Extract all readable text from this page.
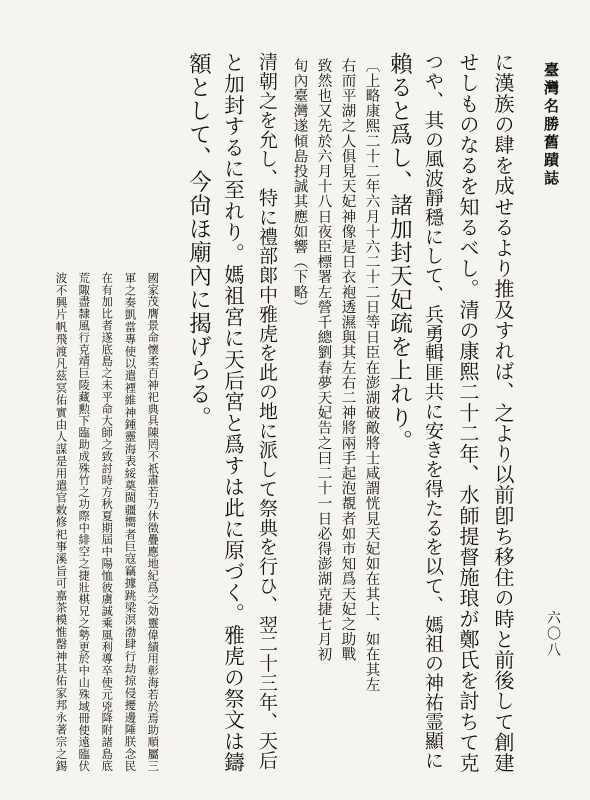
臺灣名勝舊蹟誌
六〇八
に漢族の肆を成せるより推及すれば、之より以前卽ち移住の時と前後して創建
せしものなるを知るべし。清の康熙二十二年、水師提督施琅が鄭氏を討ちて克
つや、其の風波靜穩にして、兵勇輯匪共に安きを得たるを以て、媽祖の神祐霊顯に
賴ると爲し、諸加封天妃疏を上れり。
〔上略康熙二十二年六月十六二十二日等日臣在澎湖破敵將士咸謂恍見天妃如在其上、如在其左
右而平湖之人俱見天妃神像是日衣袍透濕與其左右二神將兩手起泡覩者如市知爲天妃之助戰
致然也又先於六月十八日夜臣標署左營千總劉春夢天妃告之曰二十一日必得澎湖克捷七月初
旬內臺灣遂傾島投誠其應如響（下略）
清朝之を允し、特に禮部郞中雅虎を此の地に派して祭典を行ひ、翌二十三年、天后
と加封するに至れり。媽祖宮に天后宮と爲すは此に原づく。雅虎の祭文は鑄
額として、今尙ほ廟內に揭げらる。
國家茂膺景命懷柔百神祀典具陳罔不祇肅若乃休徵疊應地紀爲之効靈偉績用彰海若於焉助順屬三
軍之奏凱當專使以遣禋維神鍾靈海表綏奠閩疆嚮者巨寇竊據跳梁溟渤肆行劫掠侵擾邊陲朕念民
在有加比者遂底島之未平命大師之致討時方秋夏期屆中陽恤彼虜誠乘風利導卒使元兇降附諸島底
荒陬盡隸風行克靖巨陵藏勲下臨助成殊竹之功際中緋空之捷壯棋兄之勢更於中山殊域冊使遠臨伏
波不興片帆飛渡凡茲冥佑實由人謀是用遣官敕修祀事溪旨可嘉茶模惟罄神其佑家邦永著宗之錫
